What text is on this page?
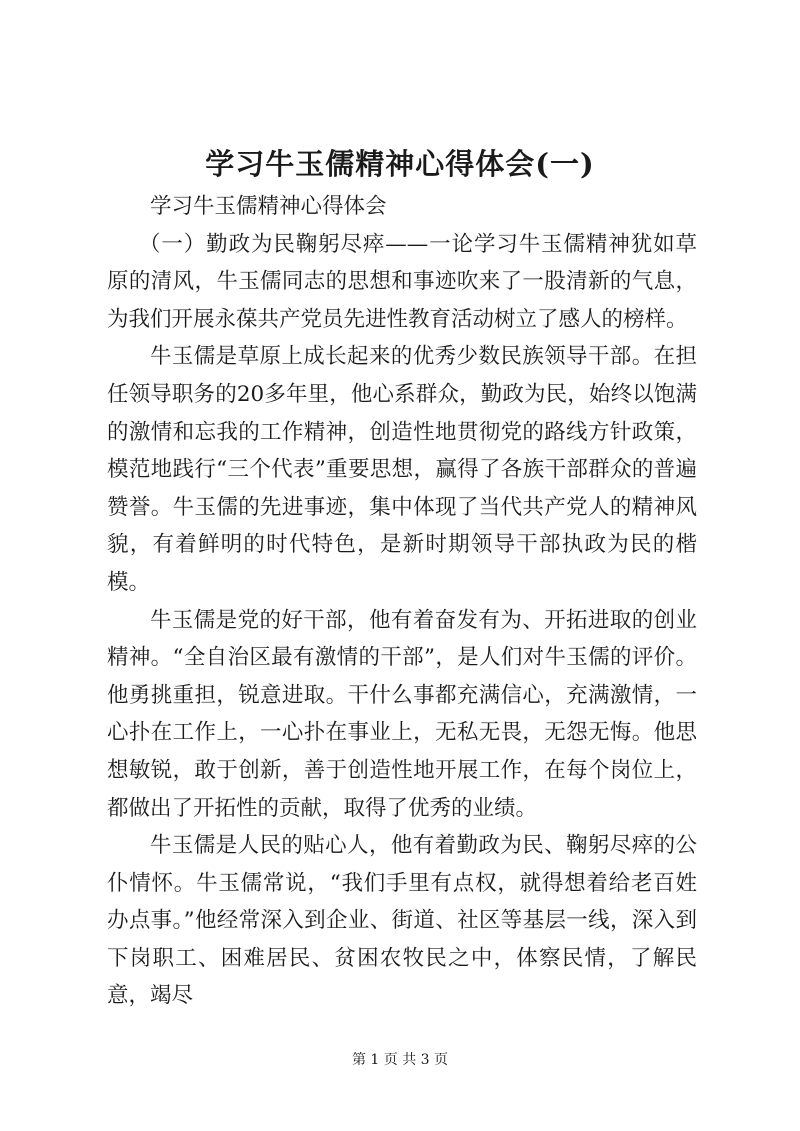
学习牛玉儒精神心得体会(一)

学习牛玉儒精神心得体会

（一）勤政为民鞠躬尽瘁——一论学习牛玉儒精神犹如草原的清风，牛玉儒同志的思想和事迹吹来了一股清新的气息，为我们开展永葆共产党员先进性教育活动树立了感人的榜样。

牛玉儒是草原上成长起来的优秀少数民族领导干部。在担任领导职务的20多年里，他心系群众，勤政为民，始终以饱满的激情和忘我的工作精神，创造性地贯彻党的路线方针政策，模范地践行“三个代表”重要思想，赢得了各族干部群众的普遍赞誉。牛玉儒的先进事迹，集中体现了当代共产党人的精神风貌，有着鲜明的时代特色，是新时期领导干部执政为民的楷模。

牛玉儒是党的好干部，他有着奋发有为、开拓进取的创业精神。“全自治区最有激情的干部”，是人们对牛玉儒的评价。他勇挑重担，锐意进取。干什么事都充满信心，充满激情，一心扑在工作上，一心扑在事业上，无私无畏，无怨无悔。他思想敏锐，敢于创新，善于创造性地开展工作，在每个岗位上，都做出了开拓性的贡献，取得了优秀的业绩。

牛玉儒是人民的贴心人，他有着勤政为民、鞠躬尽瘁的公仆情怀。牛玉儒常说，“我们手里有点权，就得想着给老百姓办点事。”他经常深入到企业、街道、社区等基层一线，深入到下岗职工、困难居民、贫困农牧民之中，体察民情，了解民意，竭尽

第 1 页 共 3 页
